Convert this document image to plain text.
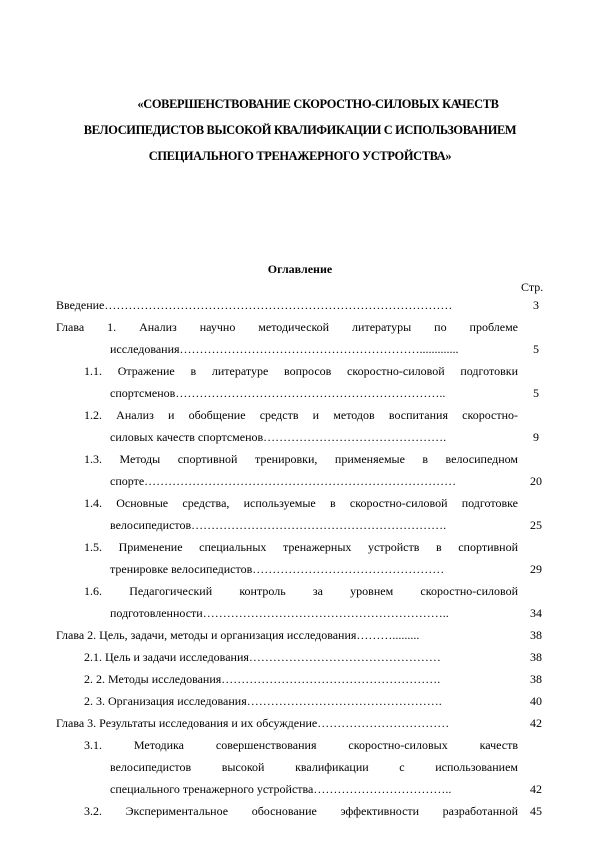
«СОВЕРШЕНСТВОВАНИЕ СКОРОСТНО-СИЛОВЫХ КАЧЕСТВ
ВЕЛОСИПЕДИСТОВ ВЫСОКОЙ КВАЛИФИКАЦИИ С ИСПОЛЬЗОВАНИЕМ
СПЕЦИАЛЬНОГО ТРЕНАЖЕРНОГО УСТРОЙСТВА»
Оглавление
Стр.
Введение……………………………………………………………………………	3
Глава 1. Анализ научно методической литературы по проблеме
исследования…………………………………………………….............	5
1.1. Отражение в литературе вопросов скоростно-силовой подготовки
спортсменов…………………………………………………………..	5
1.2. Анализ и обобщение средств и методов воспитания скоростно-
силовых качеств спортсменов……………………………………….	9
1.3. Методы спортивной тренировки, применяемые в велосипедном
спорте……………………………………………………………………	20
1.4. Основные средства, используемые в скоростно-силовой подготовке
велосипедистов……………………………………………………….	25
1.5. Применение специальных тренажерных устройств в спортивной
тренировке велосипедистов…………………………………………	29
1.6. Педагогический контроль за уровнем скоростно-силовой
подготовленности……………………………………………………..	34
Глава 2. Цель, задачи, методы и организация исследования……….........	38
2.1. Цель и задачи исследования…………………………………………	38
2. 2. Методы исследования……………………………………………….	38
2. 3. Организация исследования………………………………………….	40
Глава 3. Результаты исследования и их обсуждение……………………………	42
3.1. Методика совершенствования скоростно-силовых качеств
велосипедистов высокой квалификации с использованием
специального тренажерного устройства……………………………..	42
3.2. Экспериментальное обоснование эффективности разработанной	45
